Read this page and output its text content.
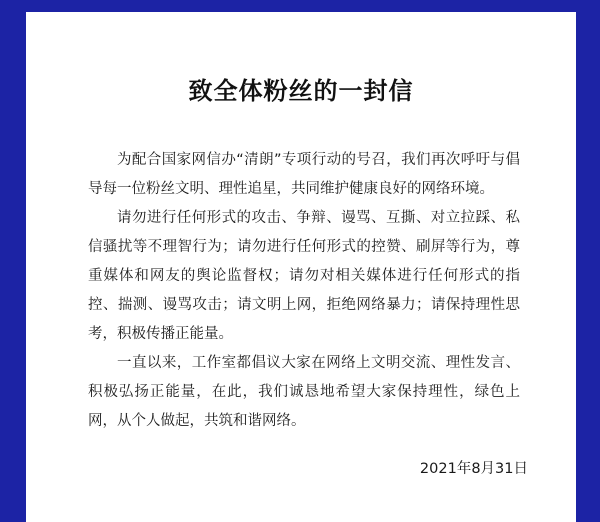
致全体粉丝的一封信

为配合国家网信办“清朗”专项行动的号召，我们再次呼吁与倡导每一位粉丝文明、理性追星，共同维护健康良好的网络环境。

请勿进行任何形式的攻击、争辩、谩骂、互撕、对立拉踩、私信骚扰等不理智行为；请勿进行任何形式的控赞、刷屏等行为，尊重媒体和网友的舆论监督权；请勿对相关媒体进行任何形式的指控、揣测、谩骂攻击；请文明上网，拒绝网络暴力；请保持理性思考，积极传播正能量。

一直以来，工作室都倡议大家在网络上文明交流、理性发言、积极弘扬正能量，在此，我们诚恳地希望大家保持理性，绿色上网，从个人做起，共筑和谐网络。

2021年8月31日
